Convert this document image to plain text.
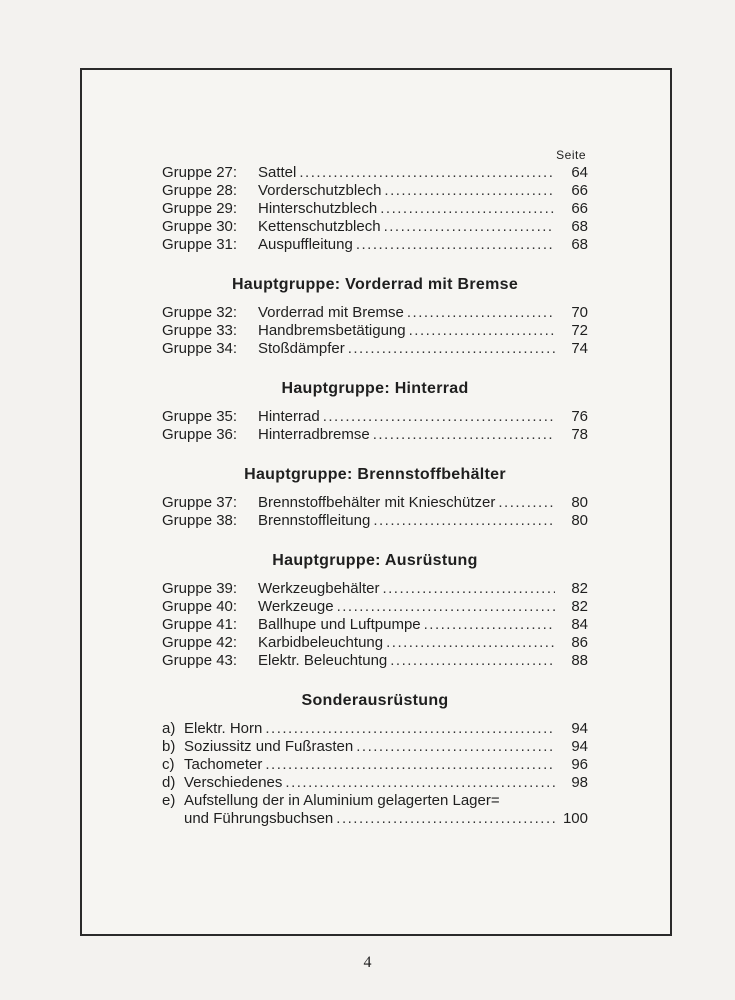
Seite
Gruppe 27:	Sattel .....	64
Gruppe 28:	Vorderschutzblech .....	66
Gruppe 29:	Hinterschutzblech .....	66
Gruppe 30:	Kettenschutzblech .....	68
Gruppe 31:	Auspuffleitung .....	68
Hauptgruppe: Vorderrad mit Bremse
Gruppe 32:	Vorderrad mit Bremse .....	70
Gruppe 33:	Handbremsbetätigung .....	72
Gruppe 34:	Stoßdämpfer .....	74
Hauptgruppe: Hinterrad
Gruppe 35:	Hinterrad .....	76
Gruppe 36:	Hinterradbremse .....	78
Hauptgruppe: Brennstoffbehälter
Gruppe 37:	Brennstoffbehälter mit Knieschützer .....	80
Gruppe 38:	Brennstoffleitung .....	80
Hauptgruppe: Ausrüstung
Gruppe 39:	Werkzeugbehälter .....	82
Gruppe 40:	Werkzeuge .....	82
Gruppe 41:	Ballhupe und Luftpumpe .....	84
Gruppe 42:	Karbidbeleuchtung .....	86
Gruppe 43:	Elektr. Beleuchtung .....	88
Sonderausrüstung
a) Elektr. Horn .....	94
b) Soziussitz und Fußrasten .....	94
c) Tachometer .....	96
d) Verschiedenes .....	98
e) Aufstellung der in Aluminium gelagerten Lager=
und Führungsbuchsen .....	100
4
